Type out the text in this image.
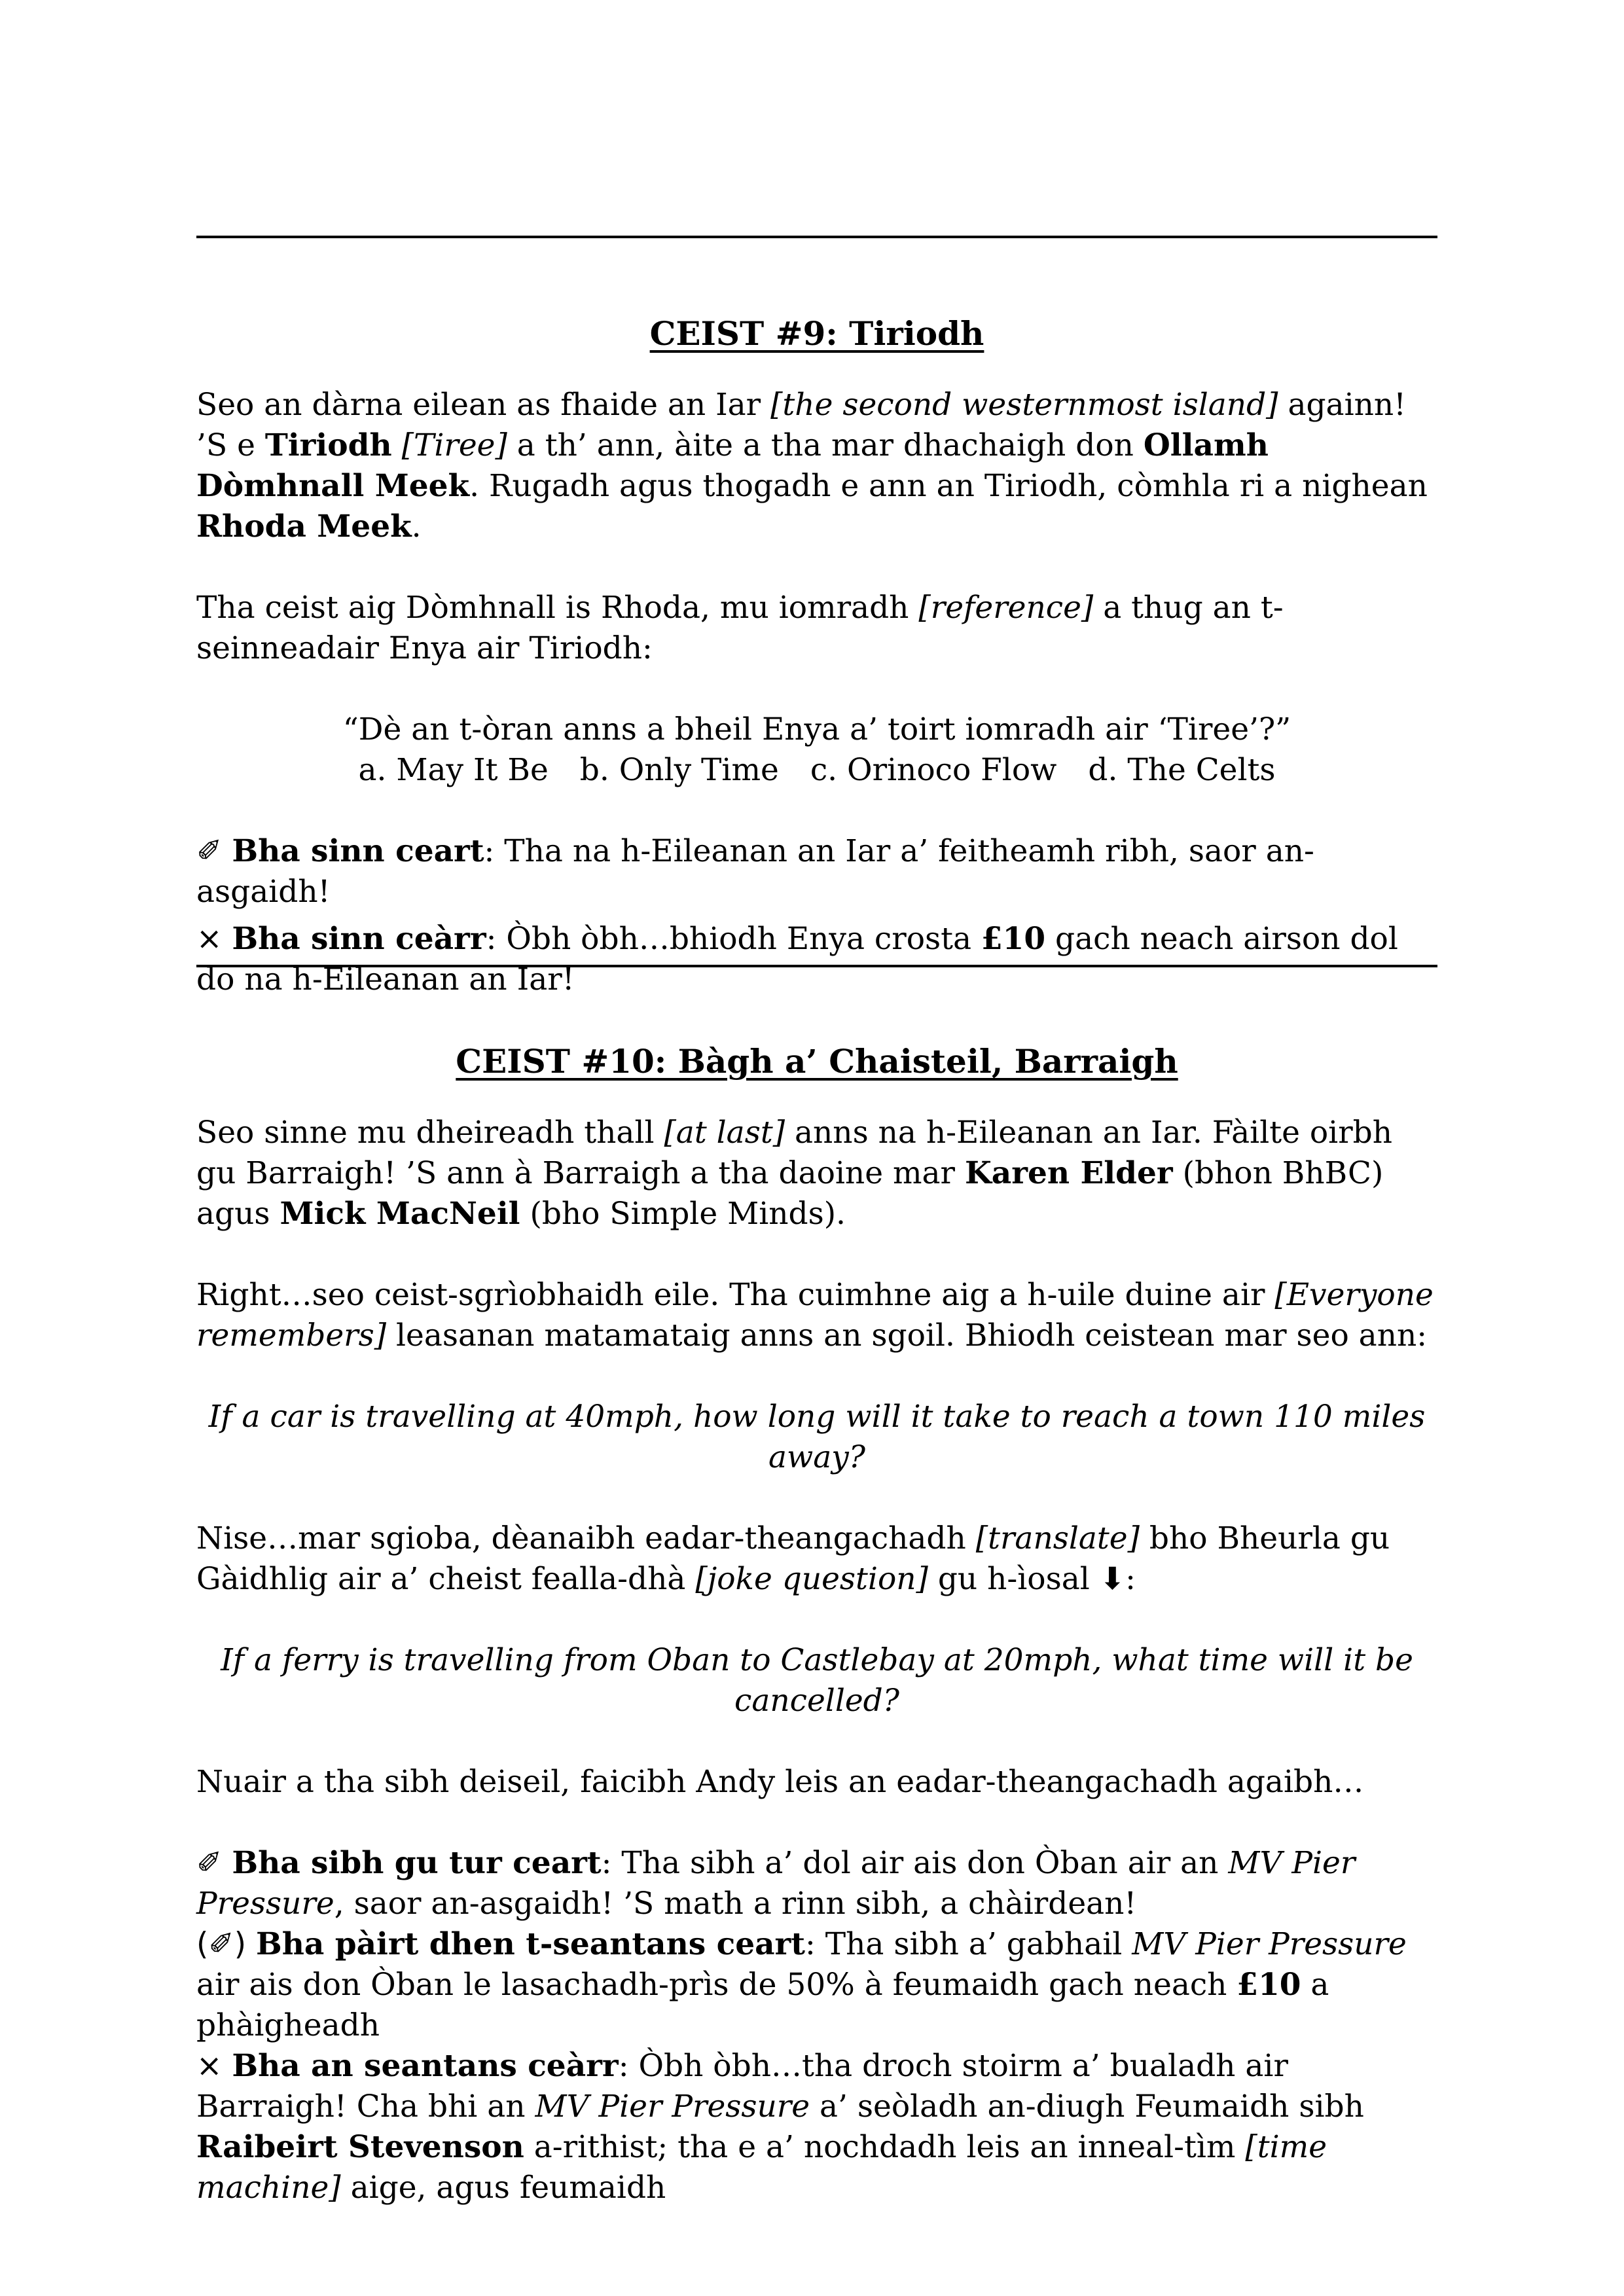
CEIST #9: Tiriodh

Seo an dàrna eilean as fhaide an Iar [the second westernmost island] againn! ’S e Tiriodh [Tiree] a th’ ann, àite a tha mar dhachaigh don Ollamh Dòmhnall Meek. Rugadh agus thogadh e ann an Tiriodh, còmhla ri a nighean Rhoda Meek.

Tha ceist aig Dòmhnall is Rhoda, mu iomradh [reference] a thug an t-seinneadair Enya air Tiriodh:

“Dè an t-òran anns a bheil Enya a’ toirt iomradh air ‘Tiree’?”

a. May It Be b. Only Time c. Orinoco Flow d. The Celts

✐ Bha sinn ceart: Tha na h-Eileanan an Iar a’ feitheamh ribh, saor an-asgaidh!

× Bha sinn ceàrr: Òbh òbh…bhiodh Enya crosta £10 gach neach airson dol do na h-Eileanan an Iar!

CEIST #10: Bàgh a’ Chaisteil, Barraigh

Seo sinne mu dheireadh thall [at last] anns na h-Eileanan an Iar. Fàilte oirbh gu Barraigh! ’S ann à Barraigh a tha daoine mar Karen Elder (bhon BhBC) agus Mick MacNeil (bho Simple Minds).

Right…seo ceist-sgrìobhaidh eile. Tha cuimhne aig a h-uile duine air [Everyone remembers] leasanan matamataig anns an sgoil. Bhiodh ceistean mar seo ann:

If a car is travelling at 40mph, how long will it take to reach a town 110 miles away?

Nise…mar sgioba, dèanaibh eadar-theangachadh [translate] bho Bheurla gu Gàidhlig air a’ cheist fealla-dhà [joke question] gu h-ìosal ⬇:

If a ferry is travelling from Oban to Castlebay at 20mph, what time will it be cancelled?

Nuair a tha sibh deiseil, faicibh Andy leis an eadar-theangachadh agaibh…

✐ Bha sibh gu tur ceart: Tha sibh a’ dol air ais don Òban air an MV Pier Pressure, saor an-asgaidh! ’S math a rinn sibh, a chàirdean!

(✐) Bha pàirt dhen t-seantans ceart: Tha sibh a’ gabhail MV Pier Pressure air ais don Òban le lasachadh-prìs de 50% à feumaidh gach neach £10 a phàigheadh

× Bha an seantans ceàrr: Òbh òbh…tha droch stoirm a’ bualadh air Barraigh! Cha bhi an MV Pier Pressure a’ seòladh an-diugh Feumaidh sibh Raibeirt Stevenson a-rithist; tha e a’ nochdadh leis an inneal-tìm [time machine] aige, agus feumaidh
